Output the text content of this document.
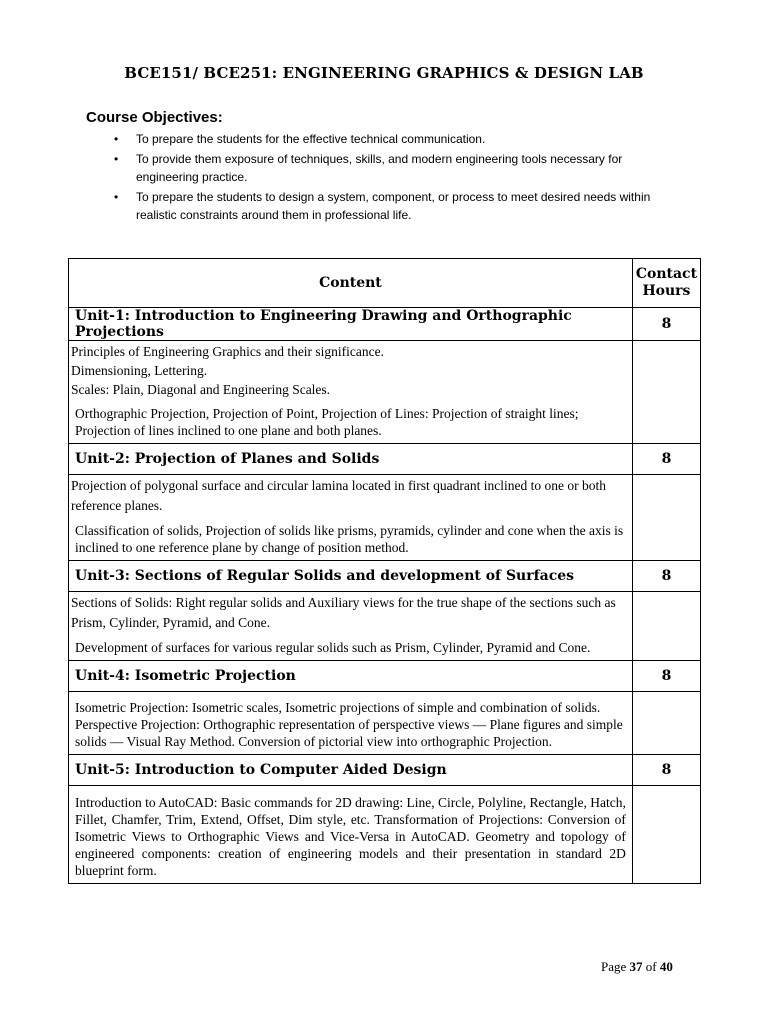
BCE151/ BCE251: ENGINEERING GRAPHICS & DESIGN LAB
Course Objectives:
• To prepare the students for the effective technical communication.
• To provide them exposure of techniques, skills, and modern engineering tools necessary for engineering practice.
• To prepare the students to design a system, component, or process to meet desired needs within realistic constraints around them in professional life.
Content	Contact
Hours
Unit-1: Introduction to Engineering Drawing and Orthographic Projections	8

Principles of Engineering Graphics and their significance.
Dimensioning, Lettering.
Scales: Plain, Diagonal and Engineering Scales.
Orthographic Projection, Projection of Point, Projection of Lines: Projection of straight lines; Projection of lines inclined to one plane and both planes.	

Unit-2: Projection of Planes and Solids	8

Projection of polygonal surface and circular lamina located in first quadrant inclined to one or both reference planes.
Classification of solids, Projection of solids like prisms, pyramids, cylinder and cone when the axis is inclined to one reference plane by change of position method.	

Unit-3: Sections of Regular Solids and development of Surfaces	8

Sections of Solids: Right regular solids and Auxiliary views for the true shape of the sections such as Prism, Cylinder, Pyramid, and Cone.
Development of surfaces for various regular solids such as Prism, Cylinder, Pyramid and Cone.	

Unit-4: Isometric Projection	8

Isometric Projection: Isometric scales, Isometric projections of simple and combination of solids. Perspective Projection: Orthographic representation of perspective views — Plane figures and simple solids — Visual Ray Method. Conversion of pictorial view into orthographic Projection.	

Unit-5: Introduction to Computer Aided Design	8

Introduction to AutoCAD: Basic commands for 2D drawing: Line, Circle, Polyline, Rectangle, Hatch, Fillet, Chamfer, Trim, Extend, Offset, Dim style, etc. Transformation of Projections: Conversion of Isometric Views to Orthographic Views and Vice-Versa in AutoCAD. Geometry and topology of engineered components: creation of engineering models and their presentation in standard 2D blueprint form.	

Page 37 of 40
